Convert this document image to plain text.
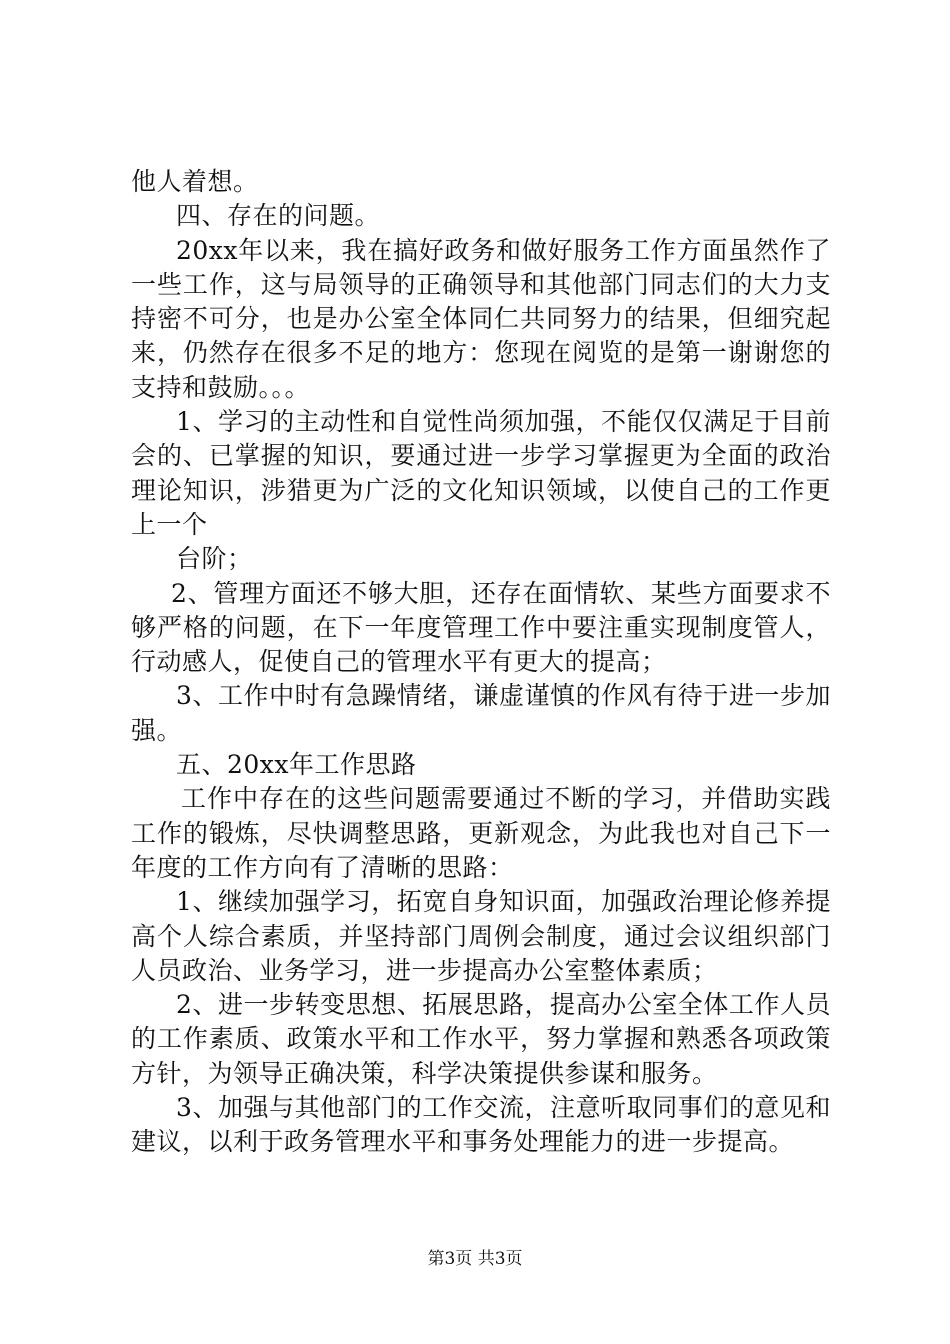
他人着想。

四、存在的问题。

20xx年以来，我在搞好政务和做好服务工作方面虽然作了一些工作，这与局领导的正确领导和其他部门同志们的大力支持密不可分，也是办公室全体同仁共同努力的结果，但细究起来，仍然存在很多不足的地方：您现在阅览的是第一谢谢您的支持和鼓励。。。

1、学习的主动性和自觉性尚须加强，不能仅仅满足于目前会的、已掌握的知识，要通过进一步学习掌握更为全面的政治理论知识，涉猎更为广泛的文化知识领域，以使自己的工作更上一个

台阶；

2、管理方面还不够大胆，还存在面情软、某些方面要求不够严格的问题，在下一年度管理工作中要注重实现制度管人，行动感人，促使自己的管理水平有更大的提高；

3、工作中时有急躁情绪，谦虚谨慎的作风有待于进一步加强。

五、20xx年工作思路

工作中存在的这些问题需要通过不断的学习，并借助实践工作的锻炼，尽快调整思路，更新观念，为此我也对自己下一年度的工作方向有了清晰的思路：

1、继续加强学习，拓宽自身知识面，加强政治理论修养提高个人综合素质，并坚持部门周例会制度，通过会议组织部门人员政治、业务学习，进一步提高办公室整体素质；

2、进一步转变思想、拓展思路，提高办公室全体工作人员的工作素质、政策水平和工作水平，努力掌握和熟悉各项政策方针，为领导正确决策，科学决策提供参谋和服务。

3、加强与其他部门的工作交流，注意听取同事们的意见和建议，以利于政务管理水平和事务处理能力的进一步提高。

第3页 共3页
